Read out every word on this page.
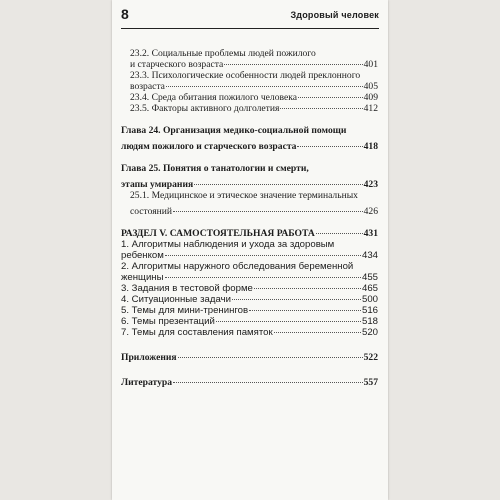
8	Здоровый человек
23.2. Социальные проблемы людей пожилого
и старческого возраста	401
23.3. Психологические особенности людей преклонного
возраста	405
23.4. Среда обитания пожилого человека	409
23.5. Факторы активного долголетия	412
Глава 24. Организация медико-социальной помощи
людям пожилого и старческого возраста	418
Глава 25. Понятия о танатологии и смерти,
этапы умирания	423
25.1. Медицинское и этическое значение терминальных
состояний	426
РАЗДЕЛ V. САМОСТОЯТЕЛЬНАЯ РАБОТА	431
1. Алгоритмы наблюдения и ухода за здоровым
ребенком	434
2. Алгоритмы наружного обследования беременной
женщины	455
3. Задания в тестовой форме	465
4. Ситуационные задачи	500
5. Темы для мини-тренингов	516
6. Темы презентаций	518
7. Темы для составления памяток	520
Приложения	522
Литература	557
